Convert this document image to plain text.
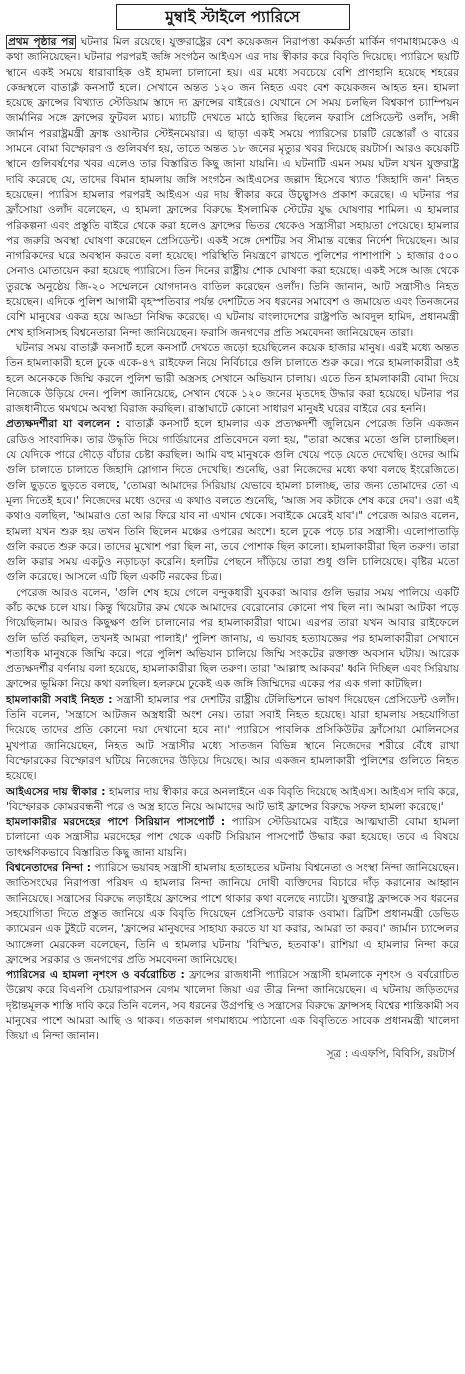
মুম্বাই স্টাইলে প্যারিসে

প্রথম পৃষ্ঠার পর ঘটনার মিল রয়েছে। যুক্তরাষ্ট্রের বেশ কয়েকজন নিরাপত্তা কর্মকর্তা মার্কিন গণমাধ্যমকেও এ কথা জানিয়েছেন। ঘটনার পরপরই জঙ্গি সংগঠন আইএস এর দায় স্বীকার করে বিবৃতি দিয়েছে। প্যারিসে ছয়টি স্থানে একই সময়ে ধারাবাহিক ওই হামলা চালানো হয়। এর মধ্যে সবচেয়ে বেশি প্রাণহানি হয়েছে শহরের কেন্দ্রস্থলে বাতাক্লঁ কনসার্ট হলে। সেখানে অন্তত ১২০ জন নিহত এবং বেশ কয়েকজন আহত হন। হামলা হয়েছে ফ্রান্সের বিখ্যাত স্টেডিয়াম স্তাদে দ্য ফ্রান্সের বাইরেও। যেখানে সে সময় চলছিল বিশ্বকাপ চ্যাম্পিয়ন জার্মানির সঙ্গে ফ্রান্সের ফুটবল ম্যাচ। ম্যাচটি দেখতে মাঠে হাজির ছিলেন ফরাসি প্রেসিডেন্ট ওলাঁদ, সঙ্গী জার্মান পররাষ্ট্রমন্ত্রী ফ্রাঙ্ক ওয়াল্টার স্টেইনমেয়ার। এ ছাড়া একই সময়ে প্যারিসের চারটি রেস্তোরাঁ ও বারের সামনে বোমা বিস্ফোরণ ও গুলিবর্ষণ হয়, তাতে অন্তত ১৮ জনের মৃত্যুর খবর দিয়েছে রয়টার্স। আরও কয়েকটি স্থানে গুলিবর্ষণের খবর এলেও তার বিস্তারিত কিছু জানা যায়নি। এ ঘটনাটি এমন সময় ঘটল যখন যুক্তরাষ্ট্র দাবি করেছে যে, তাদের বিমান হামলায় জঙ্গি সংগঠন আইএসের জল্লাদ হিসেবে খ্যাত 'জিহাদি জন' নিহত হয়েছেন। প্যারিস হামলার পরপরই আইএস এর দায় স্বীকার করে উচ্ছ্বাসও প্রকাশ করেছে। এ ঘটনার পর ফ্রাঁসোয়া ওলাঁদ বলেছেন, এ হামলা ফ্রান্সের বিরুদ্ধে ইসলামিক স্টেটের যুদ্ধ ঘোষণার শামিল। এ হামলার পরিকল্পনা এবং প্রস্তুতি বাইরে থেকে করা হলেও ফ্রান্সের ভিতর থেকেও সন্ত্রাসীরা সহায়তা পেয়েছে। হামলার পর জরুরি অবস্থা ঘোষণা করেছেন প্রেসিডেন্ট। একই সঙ্গে দেশটির সব সীমান্ত বন্ধের নির্দেশ দিয়েছেন। আর নাগরিকদের ঘরে অবস্থান করতে বলা হয়েছে। পরিস্থিতি নিয়ন্ত্রণে রাখতে পুলিশের পাশাপাশি ১ হাজার ৫০০ সেনাও মোতায়েন করা হয়েছে প্যারিসে। তিন দিনের রাষ্ট্রীয় শোক ঘোষণা করা হয়েছে। একই সঙ্গে আজ থেকে তুরস্কে অনুষ্ঠেয় জি-২০ সম্মেলনে যোগদানও বাতিল করেছেন ওলাঁদ। তিনি জানান, আট সন্ত্রাসীও নিহত হয়েছেন। এদিকে পুলিশ আগামী বৃহস্পতিবার পর্যন্ত দেশটিতে সব ধরনের সমাবেশ ও জমায়েত এবং তিনজনের বেশি মানুষের একত্র হয়ে আড্ডা নিষিদ্ধ করেছে। এ ঘটনায় বাংলাদেশের রাষ্ট্রপতি আবদুল হামিদ, প্রধানমন্ত্রী শেখ হাসিনাসহ বিশ্বনেতারা নিন্দা জানিয়েছেন। ফরাসি জনগণের প্রতি সমবেদনা জানিয়েছেন তারা।

ঘটনার সময় বাতাক্লঁ কনসার্ট হলে কনসার্ট দেখতে জড়ো হয়েছিলেন কয়েক হাজার মানুষ। এরই মধ্যে অন্তত তিন হামলাকারী হলে ঢুকে একে-৪৭ রাইফেল নিয়ে নির্বিচারে গুলি চালাতে শুরু করে। পরে হামলাকারীরা ওই হলে অনেককে জিম্মি করলে পুলিশ ভারী অস্ত্রসহ সেখানে অভিযান চালায়। এতে তিন হামলাকারী বোমা দিয়ে নিজেকে উড়িয়ে দেন। পুলিশ জানিয়েছে, সেখান থেকে ১২০ জনের মৃতদেহ উদ্ধার করা হয়েছে। ঘটনার পর রাজধানীতে থমথমে অবস্থা বিরাজ করছিল। রাস্তাঘাটে কোনো সাধারণ মানুষই ঘরের বাইরে বের হননি।

প্রত্যক্ষদর্শীরা যা বললেন : বাতাক্লঁ কনসার্ট হলে হামলার এক প্রত্যক্ষদর্শী জুলিয়েন পেরেজ তিনি একজন রেডিও সাংবাদিক। তার উদ্ধৃতি দিয়ে গার্ডিয়ানের প্রতিবেদনে বলা হয়, "তারা অন্ধের মতো গুলি চালাচ্ছিল। যে যেদিকে পারে দৌড়ে বাঁচার চেষ্টা করছিল। আমি বহু মানুষকে গুলি খেয়ে পড়ে যেতে দেখেছি। ওদের আমি গুলি চালাতে চালাতে জিহাদি স্লোগান দিতে দেখেছি। শুনেছি, ওরা নিজেদের মধ্যে কথা বলছে ইংরেজিতে। গুলি ছুড়তে ছুড়তে বলছে, 'তোমরা আমাদের সিরিয়ায় যেভাবে হামলা চালাচ্ছ, তার জন্য তোমাদের তো এ মূল্য দিতেই হবে।' নিজেদের মধ্যে ওদের এ কথাও বলতে শুনেছি, 'আজ সব কটাকে শেষ করে দেব'। ওরা এই কথাও বলছিল, 'আমরাও তো আর ফিরে যাব না এখান থেকে। সবাইকে মেরেই যাব'।" পেরেজ আরও বলেন, হামলা যখন শুরু হয় তখন তিনি ছিলেন মঞ্চের ওপরের অংশে। হলে ঢুকে পড়ে চার সন্ত্রাসী। এলোপাতাড়ি গুলি করতে শুরু করে। তাদের মুখোশ পরা ছিল না, তবে পোশাক ছিল কালো। হামলাকারীরা ছিল তরুণ। তারা গুলি করার সময় একটুও নড়াচড়া করেনি। হলটির পেছনে দাঁড়িয়ে তারা শুধু গুলি চালিয়েছে। বৃষ্টির মতো গুলি করেছে। আসলে এটি ছিল একটি নরকের চিত্র।

পেরেজ আরও বলেন, 'গুলি শেষ হয়ে গেলে বন্দুকধারী যুবকরা আবার গুলি ভরার সময় পালিয়ে একটি কাঁচ কক্ষে চলে যায়। কিন্তু থিয়েটার রুম থেকে আমাদের বেরোনোর কোনো পথ ছিল না। আমরা আটকা পড়ে গিয়েছিলাম। আরও কিছুক্ষণ গুলি চালানোর পর হামলাকারীরা থামে। এরপর তারা যখন আবার রাইফেলে গুলি ভর্তি করছিল, তখনই আমরা পালাই।' পুলিশ জানায়, এ ভয়াবহ হত্যাযজ্ঞের পর হামলাকারীরা সেখানে শতাধিক মানুষকে জিম্মি করে। পরে পুলিশ অভিযান চালিয়ে জিম্মি সংকটের রক্তাক্ত অবসান ঘটায়। আরেক প্রত্যক্ষদর্শীর বর্ণনায় বলা হয়েছে, হামলাকারীরা ছিল তরুণ। তারা 'আল্লাহু আকবর' ধ্বনি দিচ্ছিল এবং সিরিয়ায় ফ্রান্সের ভূমিকা নিয়ে কথা বলছিল। হলরুমে ঢুকেই এক জঙ্গি জিম্মিদের একের পর এক গলা কাটছিল।

হামলাকারী সবাই নিহত : সন্ত্রাসী হামলার পর দেশটির রাষ্ট্রীয় টেলিভিশনে ভাষণ দিয়েছেন প্রেসিডেন্ট ওলাঁদ। তিনি বলেন, 'সন্ত্রাসে আটজন অস্ত্রধারী অংশ নেয়। তারা সবাই নিহত হয়েছে। যারা হামলায় সহযোগিতা দিয়েছে তাদের প্রতি কোনো দয়া দেখানো হবে না।' প্যারিসে পাবলিক প্রসিকিউটর ফ্রাঁসোয়া মোলিনসের মুখপাত্র জানিয়েছেন, নিহত আট সন্ত্রাসীর মধ্যে সাতজন বিভিন্ন স্থানে নিজেদের শরীরে বেঁধে রাখা বিস্ফোরকের বিস্ফোরণ ঘটিয়ে নিজেদের উড়িয়ে দিয়েছে। আর একজন হামলাকারী পুলিশের গুলিতে নিহত হয়েছে।

আইএসের দায় স্বীকার : হামলার দায় স্বীকার করে অনলাইনে এক বিবৃতি দিয়েছে আইএস। আইএস দাবি করে, 'বিস্ফোরক কোমরবন্ধনী পরে ও অস্ত্র হাতে নিয়ে আমাদের আট ভাই ফ্রান্সের বিরুদ্ধে সফল হামলা করেছে।'

হামলাকারীর মরদেহের পাশে সিরিয়ান পাসপোর্ট : প্যারিস স্টেডিয়ামের বাইরে আত্মঘাতী বোমা হামলা চালানো এক সন্ত্রাসীর মরদেহের পাশ থেকে একটি সিরিয়ান পাসপোর্ট উদ্ধার করা হয়েছে। তবে এ বিষয়ে তাৎক্ষণিকভাবে বিস্তারিত কিছু জানা যায়নি।

বিশ্বনেতাদের নিন্দা : প্যারিসে ভয়াবহ সন্ত্রাসী হামলায় হতাহতের ঘটনায় বিশ্বনেতা ও সংস্থা নিন্দা জানিয়েছেন। জাতিসংঘের নিরাপত্তা পরিষদ এ হামলার নিন্দা জানিয়ে দোষী ব্যক্তিদের বিচারে দাঁড় করানোর আহ্বান জানিয়েছে। সন্ত্রাসের বিরুদ্ধে লড়াইয়ে ফ্রান্সের পাশে থাকার কথা বলেছে ন্যাটো। যুক্তরাষ্ট্র ফ্রান্সকে সব ধরনের সহযোগিতা দিতে প্রস্তুত জানিয়ে এক বিবৃতি দিয়েছেন প্রেসিডেন্ট বারাক ওবামা। ব্রিটিশ প্রধানমন্ত্রী ডেভিড ক্যামেরন এক টুইটে বলেন, 'ফ্রান্সের মানুষদের সাহায্য করতে যা যা করার, আমরা তা করব।' জার্মান চ্যান্সেলর অ্যাঙ্গেলা মেরকেল বলেছেন, তিনি এ হামলার ঘটনায় 'বিস্মিত, হতবাক'। রাশিয়া এ হামলার নিন্দা করে ফ্রান্সের সরকার ও জনগণের প্রতি সমবেদনা জানিয়েছে।

প্যারিসের এ হামলা নৃশংস ও বর্বরোচিত : ফ্রান্সের রাজধানী প্যারিসে সন্ত্রাসী হামলাকে নৃশংস ও বর্বরোচিত উল্লেখ করে বিএনপি চেয়ারপারসন বেগম খালেদা জিয়া এর তীব্র নিন্দা জানিয়েছেন। এ ঘটনায় জড়িতদের দৃষ্টান্তমূলক শাস্তি দাবি করে তিনি বলেন, সব ধরনের উগ্রপন্থি ও সন্ত্রাসের বিরুদ্ধে ফ্রান্সসহ বিশ্বের শান্তিকামী সব মানুষের পাশে আমরা আছি ও থাকব। গতকাল গণমাধ্যমে পাঠানো এক বিবৃতিতে সাবেক প্রধানমন্ত্রী খালেদা জিয়া এ নিন্দা জানান।

সূত্র : এএফপি, বিবিসি, রয়টার্স
